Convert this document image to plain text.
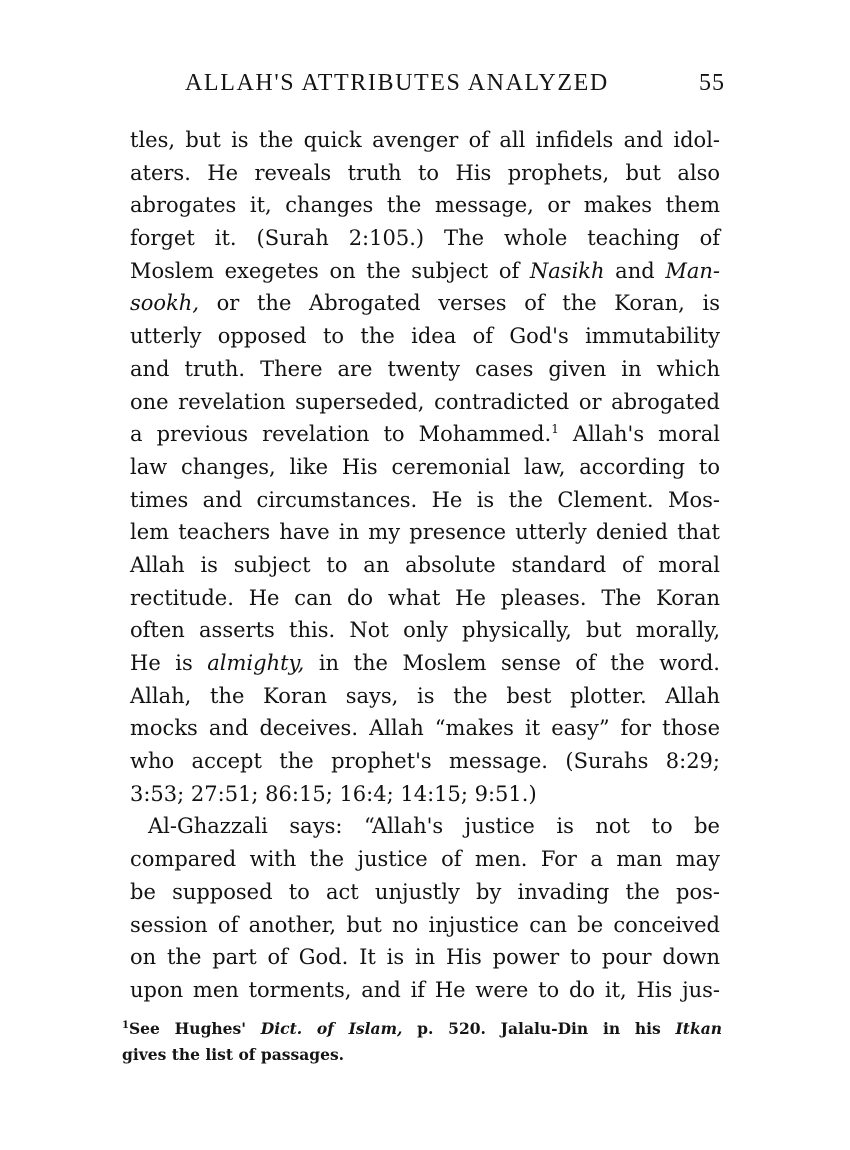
ALLAH'S ATTRIBUTES ANALYZED	55
tles, but is the quick avenger of all infidels and idol-
aters. He reveals truth to His prophets, but also
abrogates it, changes the message, or makes them
forget it. (Surah 2:105.) The whole teaching of
Moslem exegetes on the subject of Nasikh and Man-
sookh, or the Abrogated verses of the Koran, is
utterly opposed to the idea of God's immutability
and truth. There are twenty cases given in which
one revelation superseded, contradicted or abrogated
a previous revelation to Mohammed.$^1$ Allah's moral
law changes, like His ceremonial law, according to
times and circumstances. He is the Clement. Mos-
lem teachers have in my presence utterly denied that
Allah is subject to an absolute standard of moral
rectitude. He can do what He pleases. The Koran
often asserts this. Not only physically, but morally,
He is almighty, in the Moslem sense of the word.
Allah, the Koran says, is the best plotter. Allah
mocks and deceives. Allah “makes it easy” for those
who accept the prophet's message. (Surahs 8:29;
3:53; 27:51; 86:15; 16:4; 14:15; 9:51.)
Al-Ghazzali says: “Allah's justice is not to be
compared with the justice of men. For a man may
be supposed to act unjustly by invading the pos-
session of another, but no injustice can be conceived
on the part of God. It is in His power to pour down
upon men torments, and if He were to do it, His jus-
$^1$See Hughes' Dict. of Islam, p. 520. Jalalu-Din in his Itkan
gives the list of passages.
